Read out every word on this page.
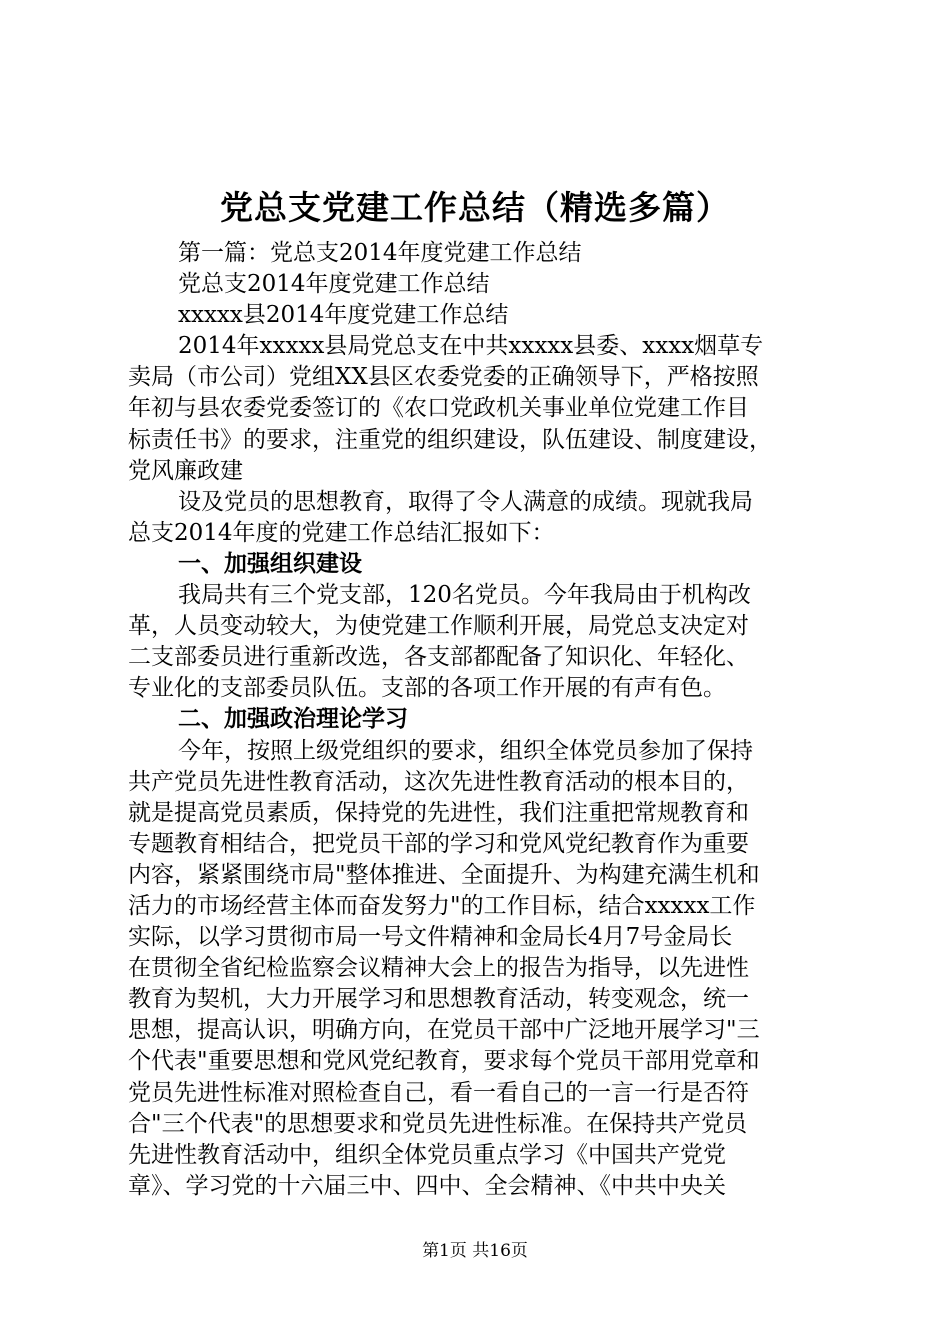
党总支党建工作总结（精选多篇）
第一篇：党总支2014年度党建工作总结
党总支2014年度党建工作总结
xxxxx县2014年度党建工作总结
2014年xxxxx县局党总支在中共xxxxx县委、xxxx烟草专
卖局（市公司）党组XX县区农委党委的正确领导下，严格按照
年初与县农委党委签订的《农口党政机关事业单位党建工作目
标责任书》的要求，注重党的组织建设，队伍建设、制度建设，
党风廉政建
设及党员的思想教育，取得了令人满意的成绩。现就我局
总支2014年度的党建工作总结汇报如下：
一、加强组织建设
我局共有三个党支部，120名党员。今年我局由于机构改
革，人员变动较大，为使党建工作顺利开展，局党总支决定对
二支部委员进行重新改选，各支部都配备了知识化、年轻化、
专业化的支部委员队伍。支部的各项工作开展的有声有色。
二、加强政治理论学习
今年，按照上级党组织的要求，组织全体党员参加了保持
共产党员先进性教育活动，这次先进性教育活动的根本目的，
就是提高党员素质，保持党的先进性，我们注重把常规教育和
专题教育相结合，把党员干部的学习和党风党纪教育作为重要
内容，紧紧围绕市局"整体推进、全面提升、为构建充满生机和
活力的市场经营主体而奋发努力"的工作目标，结合xxxxx工作
实际，以学习贯彻市局一号文件精神和金局长4月7号金局长
在贯彻全省纪检监察会议精神大会上的报告为指导，以先进性
教育为契机，大力开展学习和思想教育活动，转变观念，统一
思想，提高认识，明确方向，在党员干部中广泛地开展学习"三
个代表"重要思想和党风党纪教育，要求每个党员干部用党章和
党员先进性标准对照检查自己，看一看自己的一言一行是否符
合"三个代表"的思想要求和党员先进性标准。在保持共产党员
先进性教育活动中，组织全体党员重点学习《中国共产党党
章》、学习党的十六届三中、四中、全会精神、《中共中央关
第1页 共16页
